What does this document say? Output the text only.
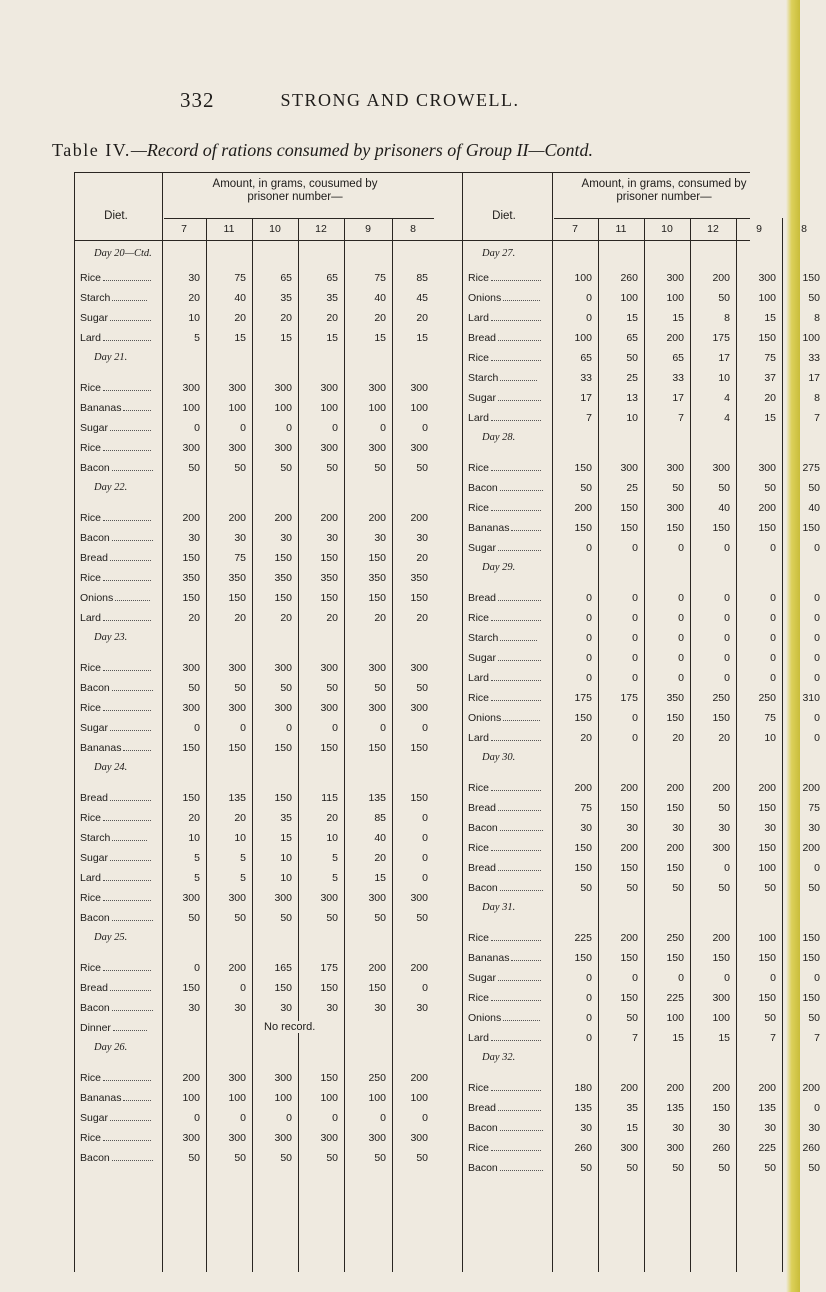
332	STRONG AND CROWELL.
Table IV.—Record of rations consumed by prisoners of Group II—Contd.
Diet.
Amount, in grams, cousumed by prisoner number—
Diet.
Amount, in grams, consumed by prisoner number—
7	11	10	12	9	8
Day 20—Ctd.
Rice	30	75	65	65	75	85
Starch	20	40	35	35	40	45
Sugar	10	20	20	20	20	20
Lard	5	15	15	15	15	15
Day 21.
Rice	300	300	300	300	300	300
Bananas	100	100	100	100	100	100
Sugar	0	0	0	0	0	0
Rice	300	300	300	300	300	300
Bacon	50	50	50	50	50	50
Day 22.
Rice	200	200	200	200	200	200
Bacon	30	30	30	30	30	30
Bread	150	75	150	150	150	20
Rice	350	350	350	350	350	350
Onions	150	150	150	150	150	150
Lard	20	20	20	20	20	20
Day 23.
Rice	300	300	300	300	300	300
Bacon	50	50	50	50	50	50
Rice	300	300	300	300	300	300
Sugar	0	0	0	0	0	0
Bananas	150	150	150	150	150	150
Day 24.
Bread	150	135	150	115	135	150
Rice	20	20	35	20	85	0
Starch	10	10	15	10	40	0
Sugar	5	5	10	5	20	0
Lard	5	5	10	5	15	0
Rice	300	300	300	300	300	300
Bacon	50	50	50	50	50	50
Day 25.
Rice	0	200	165	175	200	200
Bread	150	0	150	150	150	0
Bacon	30	30	30	30	30	30
Dinner	No record.
Day 26.
Rice	200	300	300	150	250	200
Bananas	100	100	100	100	100	100
Sugar	0	0	0	0	0	0
Rice	300	300	300	300	300	300
Bacon	50	50	50	50	50	50
7	11	10	12	9	8
Day 27.
Rice	100	260	300	200	300	150
Onions	0	100	100	50	100	50
Lard	0	15	15	8	15	8
Bread	100	65	200	175	150	100
Rice	65	50	65	17	75	33
Starch	33	25	33	10	37	17
Sugar	17	13	17	4	20	8
Lard	7	10	7	4	15	7
Day 28.
Rice	150	300	300	300	300	275
Bacon	50	25	50	50	50	50
Rice	200	150	300	40	200	40
Bananas	150	150	150	150	150	150
Sugar	0	0	0	0	0	0
Day 29.
Bread	0	0	0	0	0	0
Rice	0	0	0	0	0	0
Starch	0	0	0	0	0	0
Sugar	0	0	0	0	0	0
Lard	0	0	0	0	0	0
Rice	175	175	350	250	250	310
Onions	150	0	150	150	75	0
Lard	20	0	20	20	10	0
Day 30.
Rice	200	200	200	200	200	200
Bread	75	150	150	50	150	75
Bacon	30	30	30	30	30	30
Rice	150	200	200	300	150	200
Bread	150	150	150	0	100	0
Bacon	50	50	50	50	50	50
Day 31.
Rice	225	200	250	200	100	150
Bananas	150	150	150	150	150	150
Sugar	0	0	0	0	0	0
Rice	0	150	225	300	150	150
Onions	0	50	100	100	50	50
Lard	0	7	15	15	7	7
Day 32.
Rice	180	200	200	200	200	200
Bread	135	35	135	150	135	0
Bacon	30	15	30	30	30	30
Rice	260	300	300	260	225	260
Bacon	50	50	50	50	50	50
